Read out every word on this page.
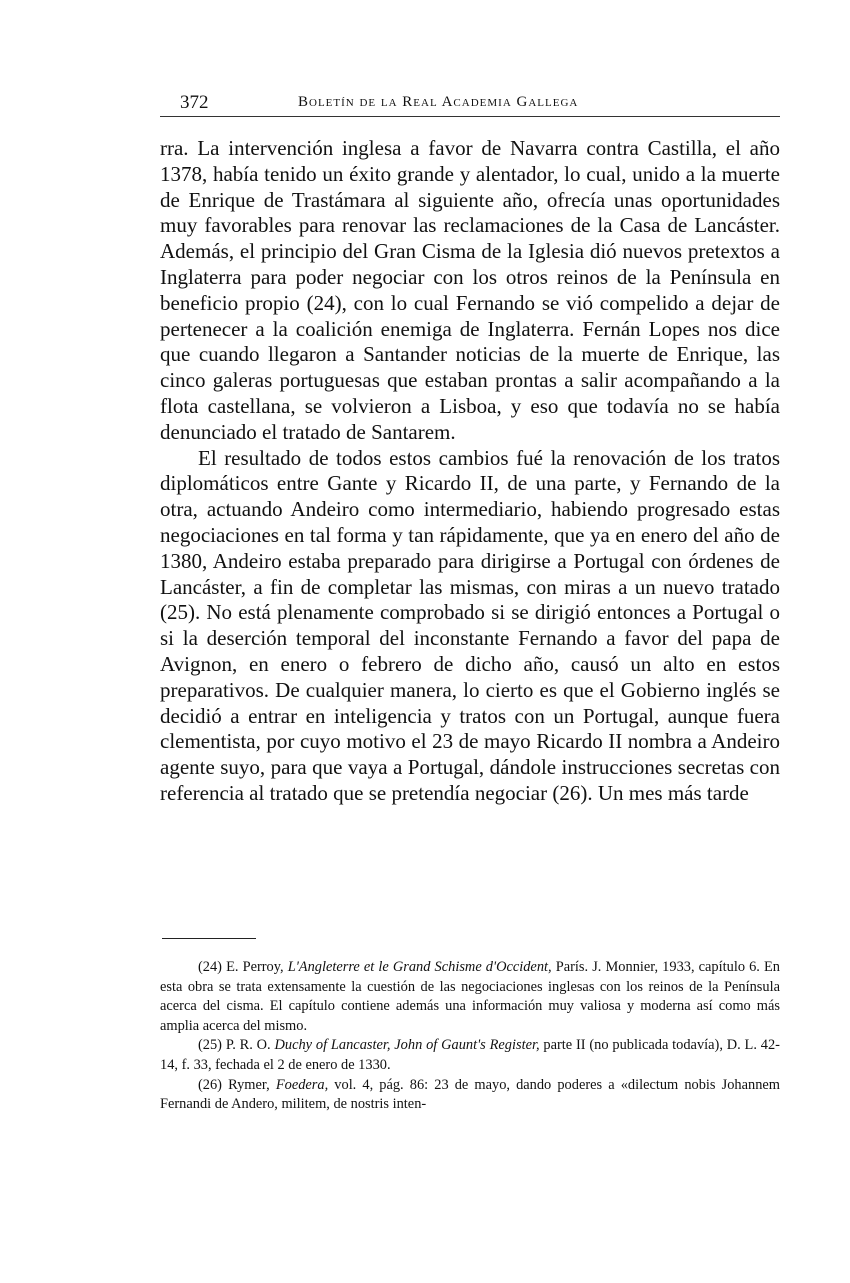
372	Boletín de la Real Academia Gallega

rra. La intervención inglesa a favor de Navarra contra Castilla, el año 1378, había tenido un éxito grande y alentador, lo cual, unido a la muerte de Enrique de Trastámara al siguiente año, ofrecía unas oportunidades muy favorables para renovar las reclamaciones de la Casa de Lancáster. Además, el principio del Gran Cisma de la Iglesia dió nuevos pretextos a Inglaterra para poder negociar con los otros reinos de la Península en beneficio propio (24), con lo cual Fernando se vió compelido a dejar de pertenecer a la coalición enemiga de Inglaterra. Fernán Lopes nos dice que cuando llegaron a Santander noticias de la muerte de Enrique, las cinco galeras portuguesas que estaban prontas a salir acompañando a la flota castellana, se volvieron a Lisboa, y eso que todavía no se había denunciado el tratado de Santarem.

El resultado de todos estos cambios fué la renovación de los tratos diplomáticos entre Gante y Ricardo II, de una parte, y Fernando de la otra, actuando Andeiro como intermediario, habiendo progresado estas negociaciones en tal forma y tan rápidamente, que ya en enero del año de 1380, Andeiro estaba preparado para dirigirse a Portugal con órdenes de Lancáster, a fin de completar las mismas, con miras a un nuevo tratado (25). No está plenamente comprobado si se dirigió entonces a Portugal o si la deserción temporal del inconstante Fernando a favor del papa de Avignon, en enero o febrero de dicho año, causó un alto en estos preparativos. De cualquier manera, lo cierto es que el Gobierno inglés se decidió a entrar en inteligencia y tratos con un Portugal, aunque fuera clementista, por cuyo motivo el 23 de mayo Ricardo II nombra a Andeiro agente suyo, para que vaya a Portugal, dándole instrucciones secretas con referencia al tratado que se pretendía negociar (26). Un mes más tarde

(24) E. Perroy, L'Angleterre et le Grand Schisme d'Occident, París. J. Monnier, 1933, capítulo 6. En esta obra se trata extensamente la cuestión de las negociaciones inglesas con los reinos de la Península acerca del cisma. El capítulo contiene además una información muy valiosa y moderna así como más amplia acerca del mismo.

(25) P. R. O. Duchy of Lancaster, John of Gaunt's Register, parte II (no publicada todavía), D. L. 42-14, f. 33, fechada el 2 de enero de 1330.

(26) Rymer, Foedera, vol. 4, pág. 86: 23 de mayo, dando poderes a «dilectum nobis Johannem Fernandi de Andero, militem, de nostris inten-
